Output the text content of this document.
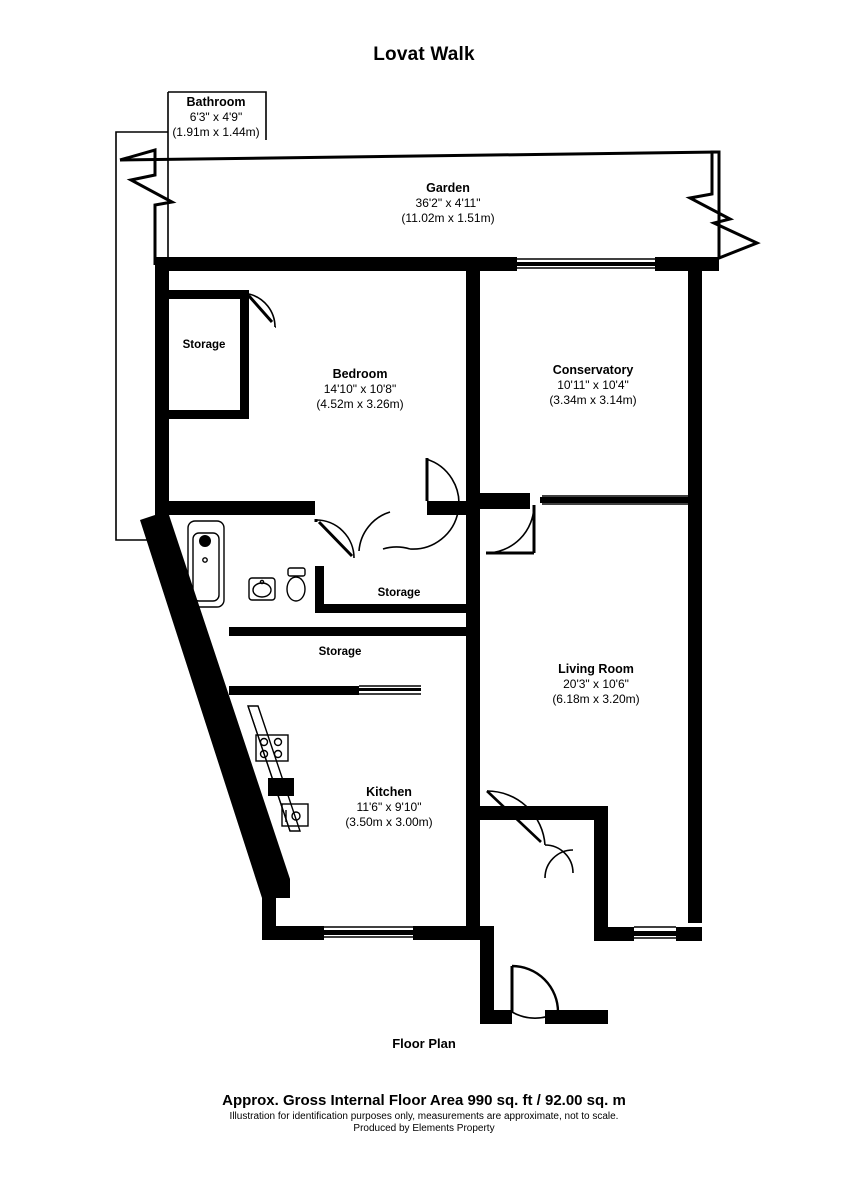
Lovat Walk
Bathroom
6'3" x 4'9"
(1.91m x 1.44m)
Garden
36'2" x 4'11"
(11.02m x 1.51m)
Storage
Bedroom
14'10" x 10'8"
(4.52m x 3.26m)
Conservatory
10'11" x 10'4"
(3.34m x 3.14m)
Storage
Storage
Living Room
20'3" x 10'6"
(6.18m x 3.20m)
Kitchen
11'6" x 9'10"
(3.50m x 3.00m)
Floor Plan
Approx. Gross Internal Floor Area 990 sq. ft / 92.00 sq. m
Illustration for identification purposes only, measurements are approximate, not to scale.
Produced by Elements Property
